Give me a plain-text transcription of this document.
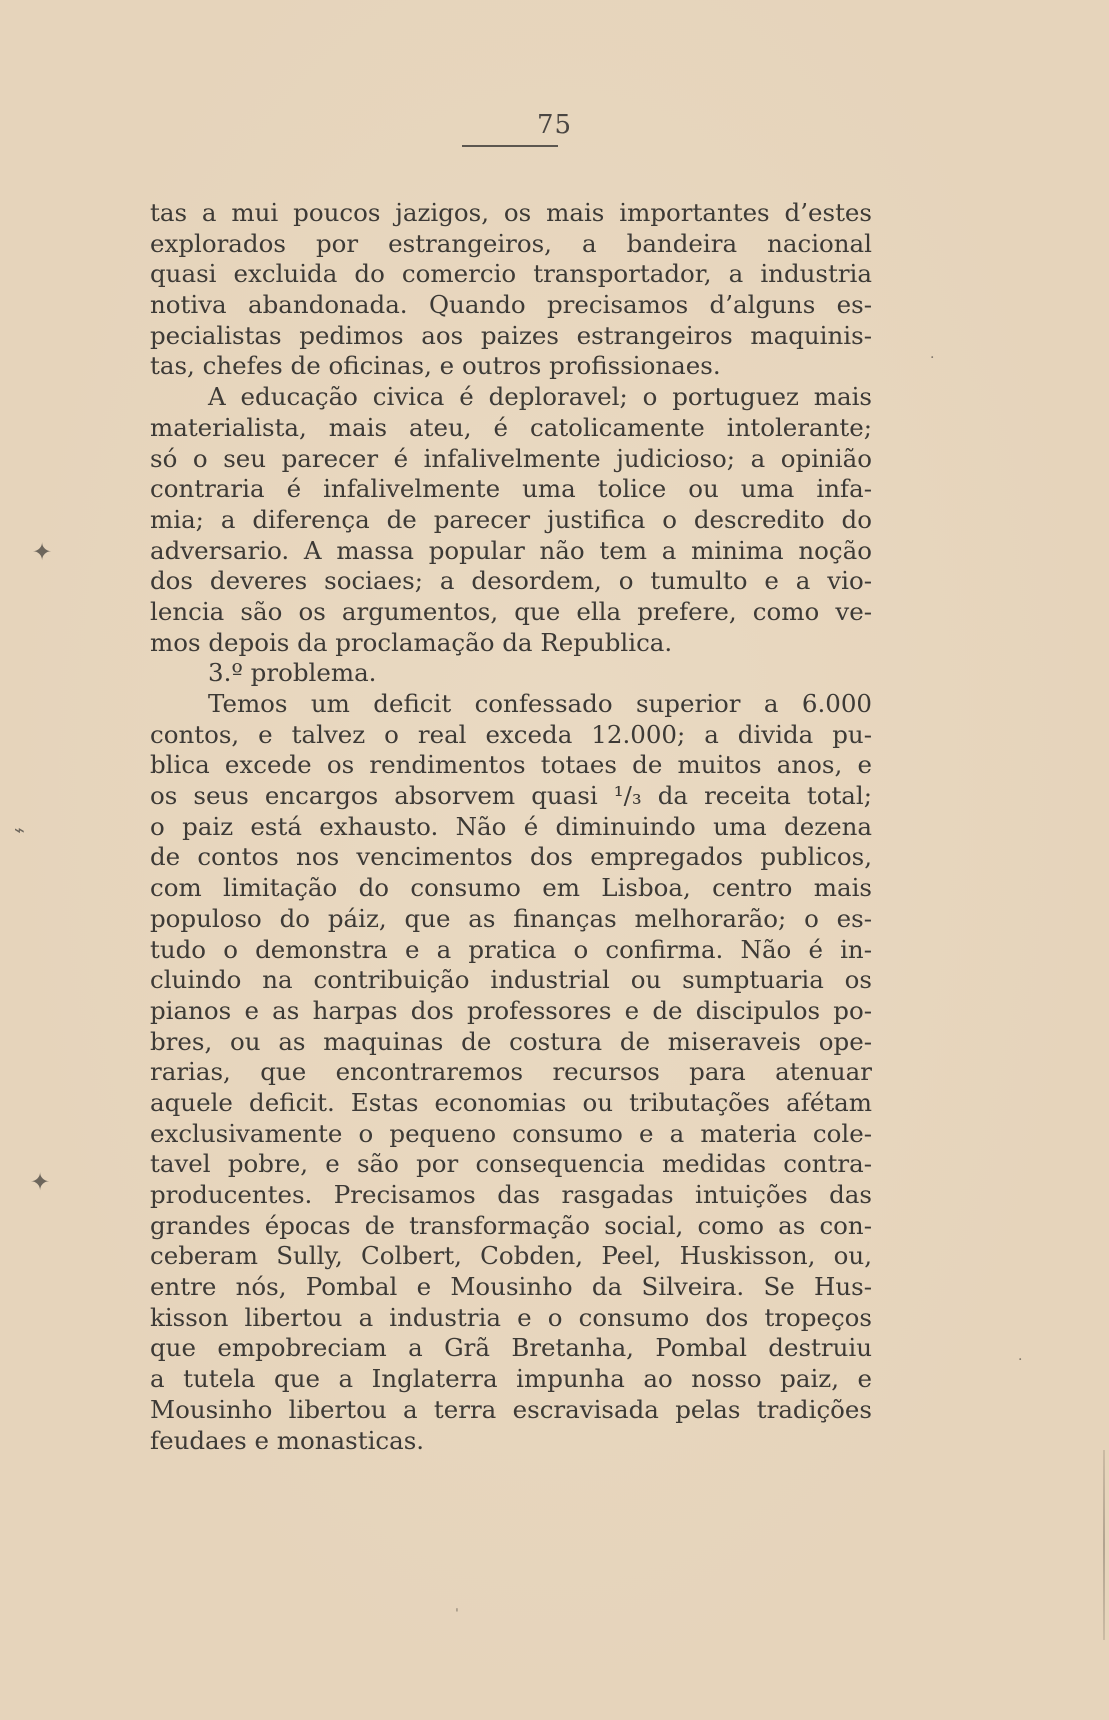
75
tas a mui poucos jazigos, os mais importantes d’estes
explorados por estrangeiros, a bandeira nacional
quasi excluida do comercio transportador, a industria
notiva abandonada. Quando precisamos d’alguns es-
pecialistas pedimos aos paizes estrangeiros maquinis-
tas, chefes de oficinas, e outros profissionaes.
A educação civica é deploravel; o portuguez mais
materialista, mais ateu, é catolicamente intolerante;
só o seu parecer é infalivelmente judicioso; a opinião
contraria é infalivelmente uma tolice ou uma infa-
mia; a diferença de parecer justifica o descredito do
adversario. A massa popular não tem a minima noção
dos deveres sociaes; a desordem, o tumulto e a vio-
lencia são os argumentos, que ella prefere, como ve-
mos depois da proclamação da Republica.
3.º problema.
Temos um deficit confessado superior a 6.000
contos, e talvez o real exceda 12.000; a divida pu-
blica excede os rendimentos totaes de muitos anos, e
os seus encargos absorvem quasi ¹/₃ da receita total;
o paiz está exhausto. Não é diminuindo uma dezena
de contos nos vencimentos dos empregados publicos,
com limitação do consumo em Lisboa, centro mais
populoso do páiz, que as finanças melhorarão; o es-
tudo o demonstra e a pratica o confirma. Não é in-
cluindo na contribuição industrial ou sumptuaria os
pianos e as harpas dos professores e de discipulos po-
bres, ou as maquinas de costura de miseraveis ope-
rarias, que encontraremos recursos para atenuar
aquele deficit. Estas economias ou tributações afétam
exclusivamente o pequeno consumo e a materia cole-
tavel pobre, e são por consequencia medidas contra-
producentes. Precisamos das rasgadas intuições das
grandes épocas de transformação social, como as con-
ceberam Sully, Colbert, Cobden, Peel, Huskisson, ou,
entre nós, Pombal e Mousinho da Silveira. Se Hus-
kisson libertou a industria e o consumo dos tropeços
que empobreciam a Grã Bretanha, Pombal destruiu
a tutela que a Inglaterra impunha ao nosso paiz, e
Mousinho libertou a terra escravisada pelas tradições
feudaes e monasticas.
✦
⌁
✦
·
·
ˌ
